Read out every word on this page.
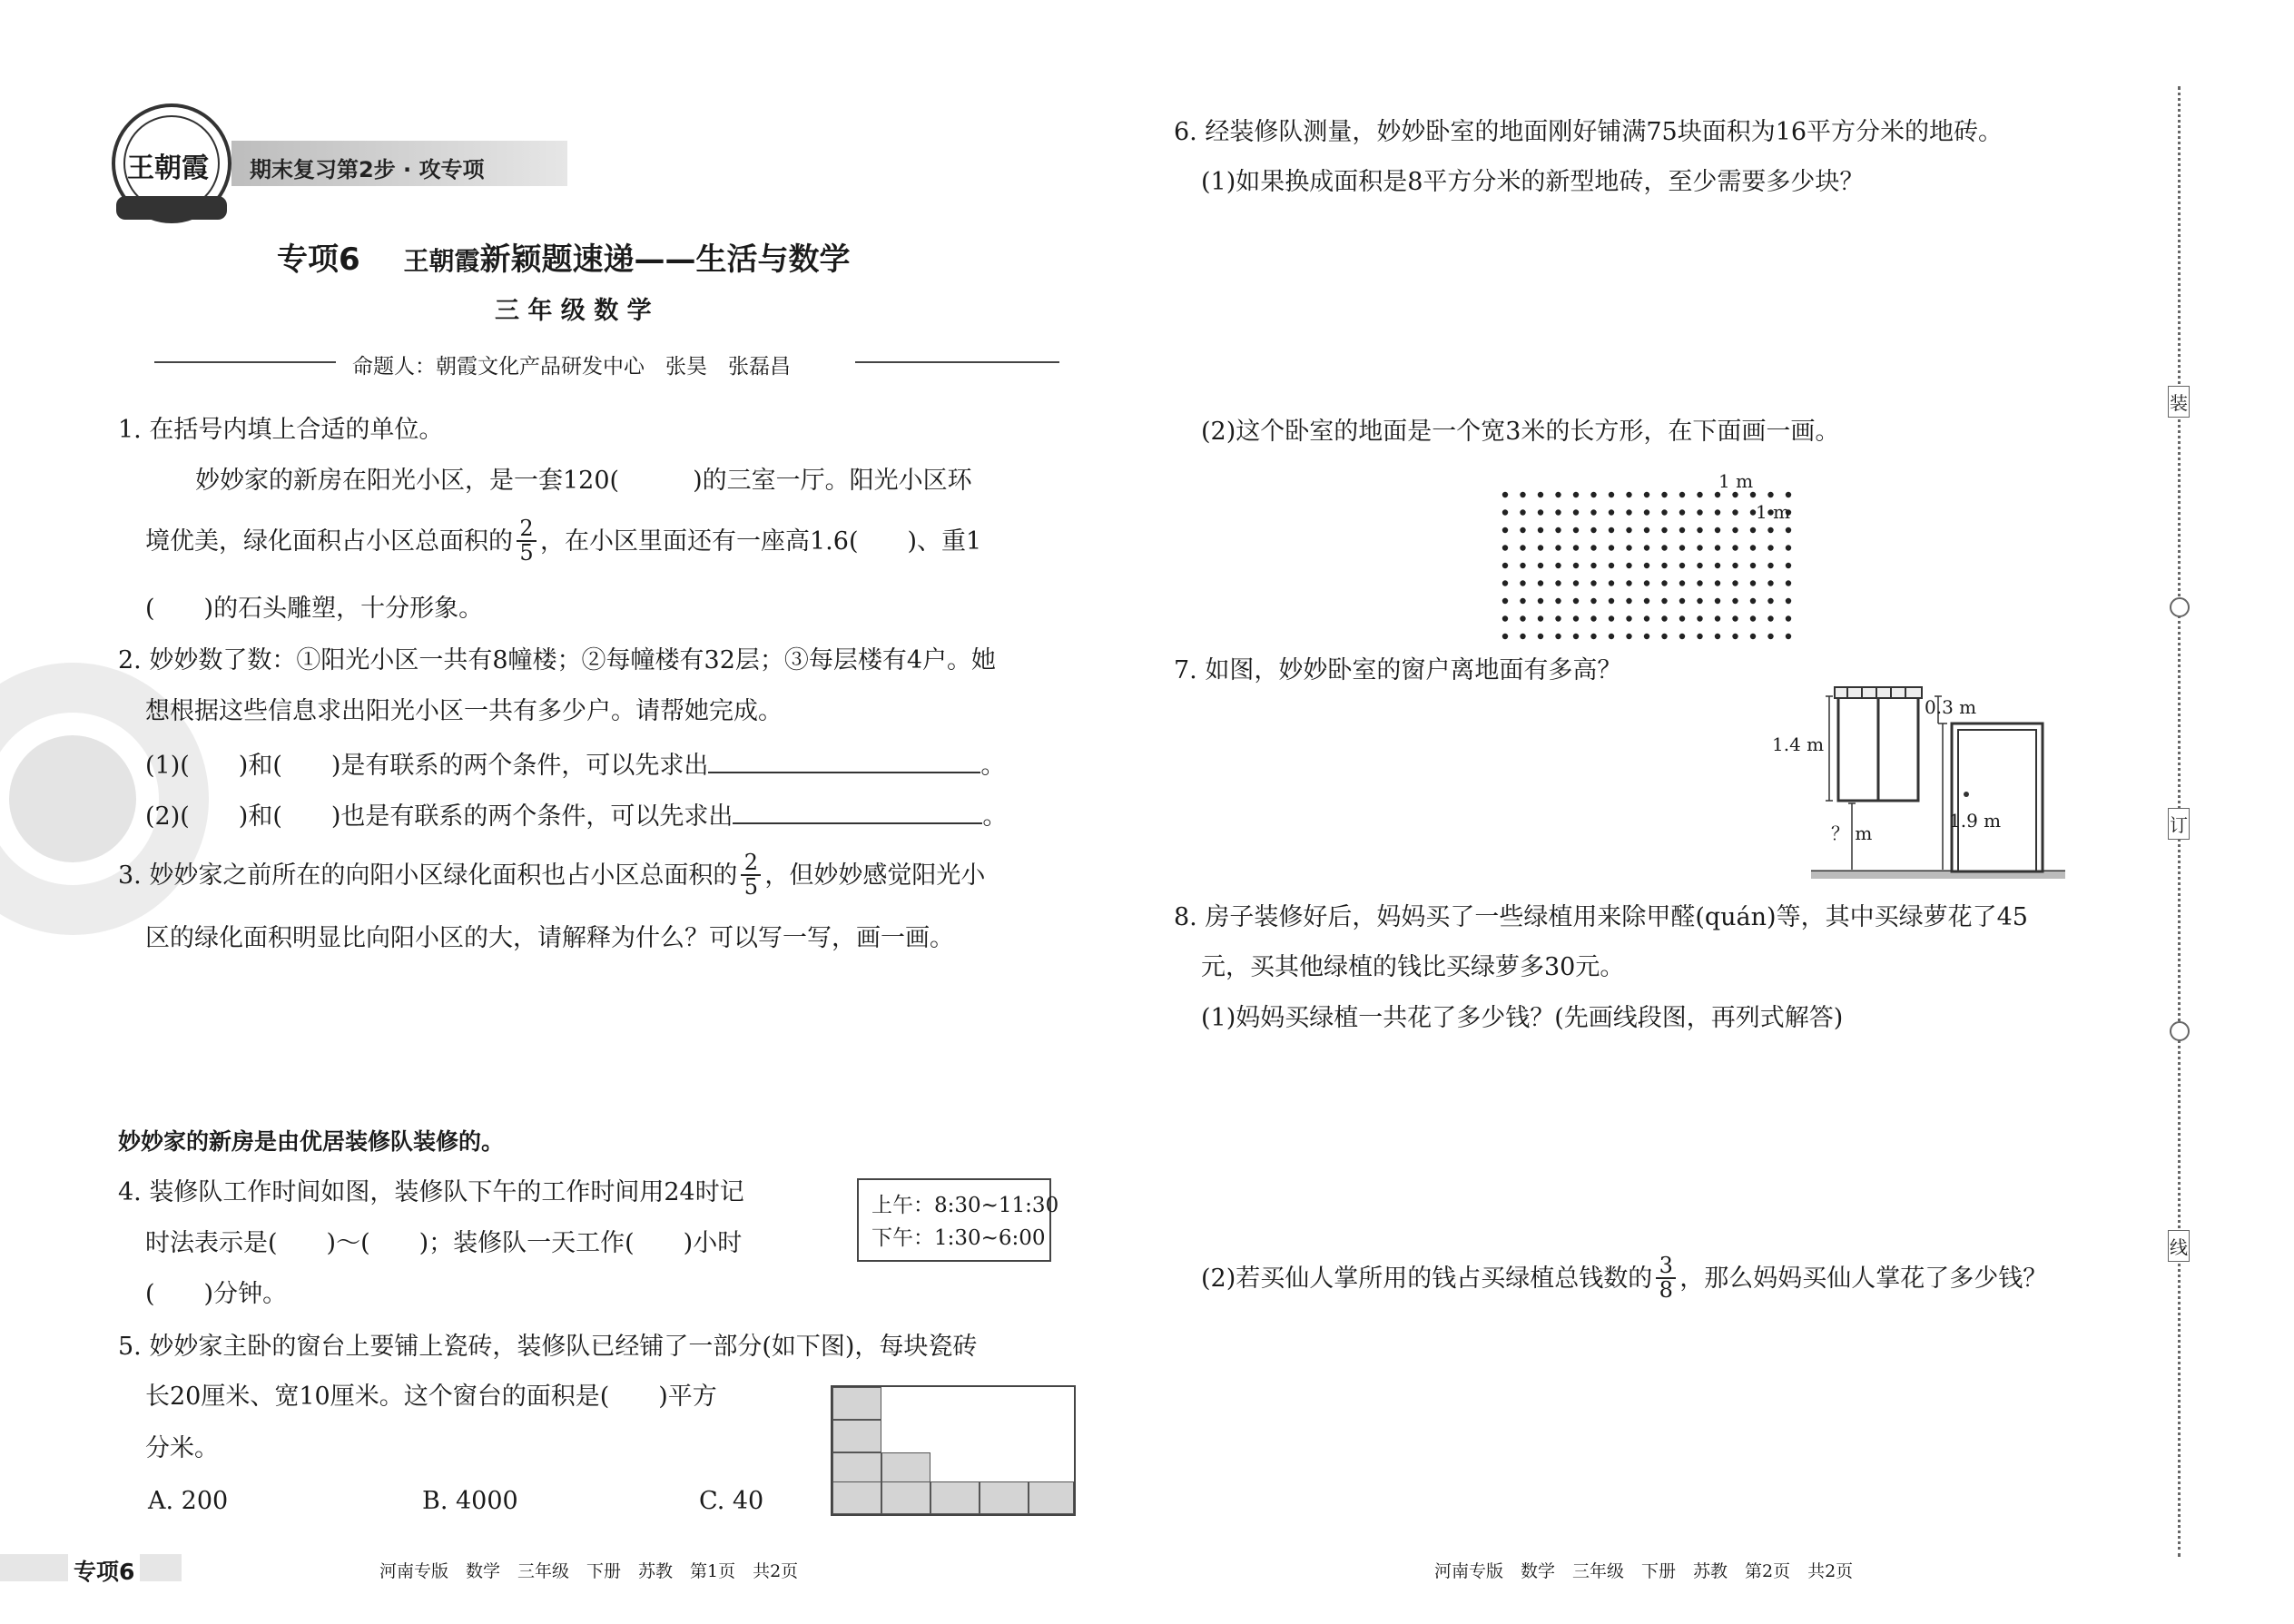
王朝霞 期末复习第2步 · 攻专项
专项6 王朝霞新颖题速递——生活与数学
三 年 级 数 学
命题人：朝霞文化产品研发中心　张昊　张磊昌
1. 在括号内填上合适的单位。
妙妙家的新房在阳光小区，是一套120(　　　)的三室一厅。阳光小区环
境优美，绿化面积占小区总面积的 $\frac{2}{5}$ ，在小区里面还有一座高1.6(　　)、重1
(　　)的石头雕塑，十分形象。
2. 妙妙数了数：①阳光小区一共有8幢楼；②每幢楼有32层；③每层楼有4户。她
想根据这些信息求出阳光小区一共有多少户。请帮她完成。
(1)(　　)和(　　)是有联系的两个条件，可以先求出	。
(2)(　　)和(　　)也是有联系的两个条件，可以先求出	。
3. 妙妙家之前所在的向阳小区绿化面积也占小区总面积的 $\frac{2}{5}$ ，但妙妙感觉阳光小
区的绿化面积明显比向阳小区的大，请解释为什么？可以写一写，画一画。
妙妙家的新房是由优居装修队装修的。
4. 装修队工作时间如图，装修队下午的工作时间用24时记
时法表示是(　　)～(　　)；装修队一天工作(　　)小时
(　　)分钟。
上午：8:30~11:30
下午：1:30~6:00
5. 妙妙家主卧的窗台上要铺上瓷砖，装修队已经铺了一部分(如下图)，每块瓷砖
长20厘米、宽10厘米。这个窗台的面积是(　　)平方
分米。
A. 200	B. 4000	C. 40
专项6	河南专版　数学　三年级　下册　苏教　第1页　共2页
6. 经装修队测量，妙妙卧室的地面刚好铺满75块面积为16平方分米的地砖。
(1)如果换成面积是8平方分米的新型地砖，至少需要多少块？
(2)这个卧室的地面是一个宽3米的长方形，在下面画一画。
1 m
1 m
7. 如图，妙妙卧室的窗户离地面有多高？
1.4 m
0.3 m
1.9 m
？ m
8. 房子装修好后，妈妈买了一些绿植用来除甲醛(quán)等，其中买绿萝花了45
元，买其他绿植的钱比买绿萝多30元。
(1)妈妈买绿植一共花了多少钱？(先画线段图，再列式解答)
(2)若买仙人掌所用的钱占买绿植总钱数的 $\frac{3}{8}$ ，那么妈妈买仙人掌花了多少钱？
河南专版　数学　三年级　下册　苏教　第2页　共2页
装
订
线
